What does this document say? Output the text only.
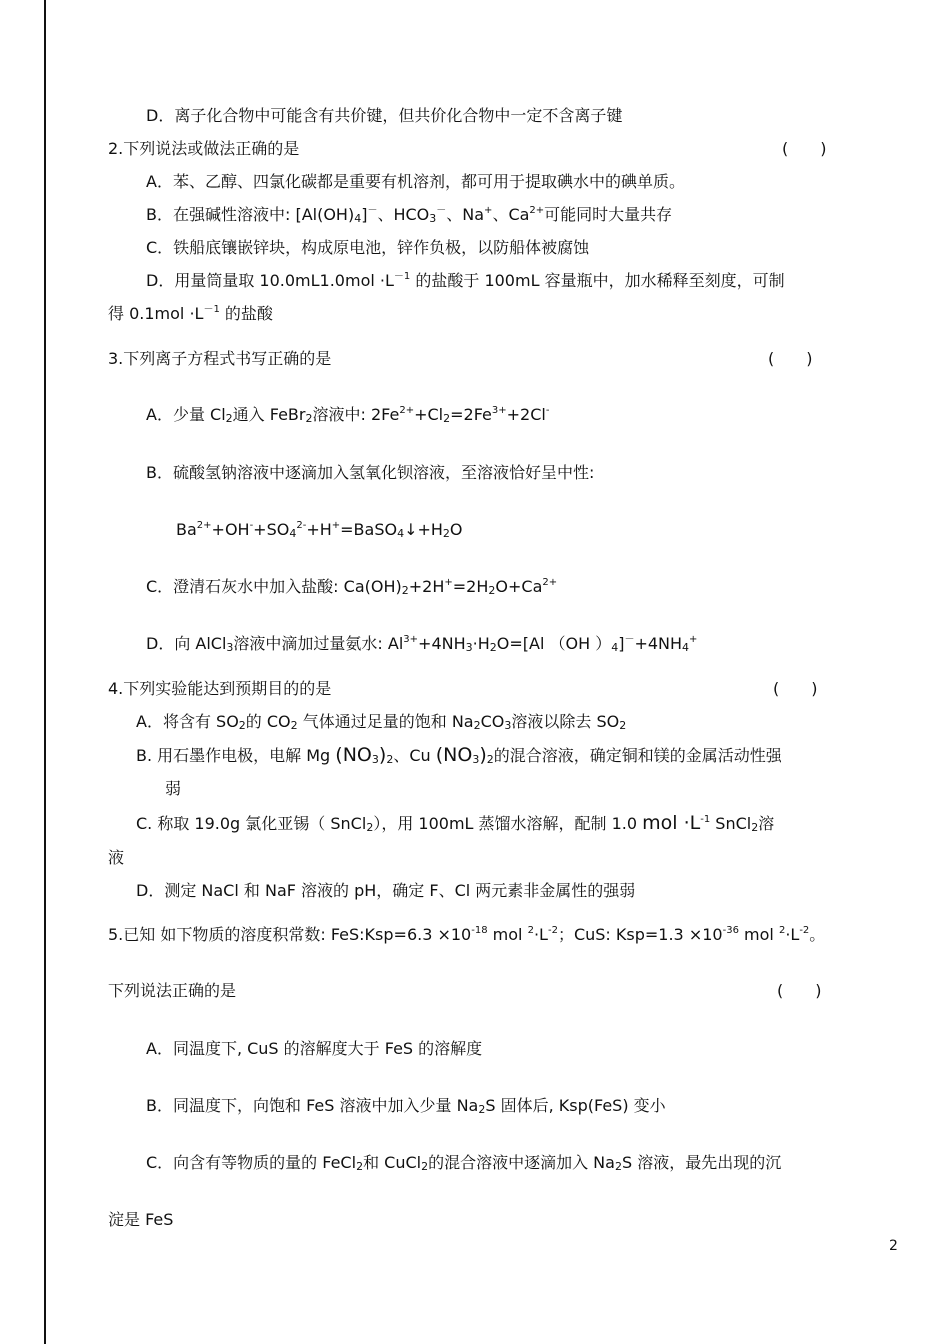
D．离子化合物中可能含有共价键，但共价化合物中一定不含离子键
2.下列说法或做法正确的是	(　　)
A．苯、乙醇、四氯化碳都是重要有机溶剂，都可用于提取碘水中的碘单质。
B．在强碱性溶液中: $[Al(OH)_4]^-$、$HCO_3^-$、Na+、$Ca^{2+}$可能同时大量共存
C．铁船底镶嵌锌块，构成原电池，锌作负极，以防船体被腐蚀
D．用量筒量取 $10.0mL1.0mol \cdot L^{-1}$ 的盐酸于 100mL 容量瓶中，加水稀释至刻度，可制
得 $0.1mol \cdot L^{-1}$ 的盐酸
3.下列离子方程式书写正确的是	(　　)
A．少量 $Cl_2$通入 FeBr$_2$溶液中: $2Fe^{2+}+Cl_2=2Fe^{3+}+2Cl^-$
B．硫酸氢钠溶液中逐滴加入氢氧化钡溶液，至溶液恰好呈中性:
$Ba^{2+}+OH^-+SO_4^{2-}+H^+=BaSO_4↓+H_2O$
C．澄清石灰水中加入盐酸: $Ca(OH)_2+2H^+=2H_2O+Ca^{2+}$
D．向 AlCl$_3$溶液中滴加过量氨水: $Al^{3+}+4NH_3\cdot H_2O=[Al$ （OH ）$_4]^-+4NH_4^+$
4.下列实验能达到预期目的的是	(　　)
A．将含有 $SO_2$的 $CO_2$ 气体通过足量的饱和 $Na_2CO_3$溶液以除去 $SO_2$
B. 用石墨作电极，电解 Mg $(NO_3)_2$、Cu $(NO_3)_2$的混合溶液，确定铜和镁的金属活动性强
弱
C. 称取 19.0g 氯化亚锡（ SnCl$_2$），用 100mL 蒸馏水溶解，配制 1.0 mol $\cdot L^{-1}$ SnCl$_2$溶
液
D．测定 NaCl 和 NaF 溶液的 pH，确定 F、Cl 两元素非金属性的强弱
5.已知 如下物质的溶度积常数: FeS:Ksp=6.3 $\times 10^{-18}$ mol $^2\cdot L^{-2}$；CuS: $Ksp=1.3 \times 10^{-36}$ mol $^2\cdot L^{-2}$。
下列说法正确的是	(　　)
A．同温度下, CuS 的溶解度大于 FeS 的溶解度
B．同温度下，向饱和 FeS 溶液中加入少量 $Na_2S$ 固体后, Ksp(FeS) 变小
C．向含有等物质的量的 FeCl$_2$和 CuCl$_2$的混合溶液中逐滴加入 $Na_2S$ 溶液，最先出现的沉
淀是 FeS
2
